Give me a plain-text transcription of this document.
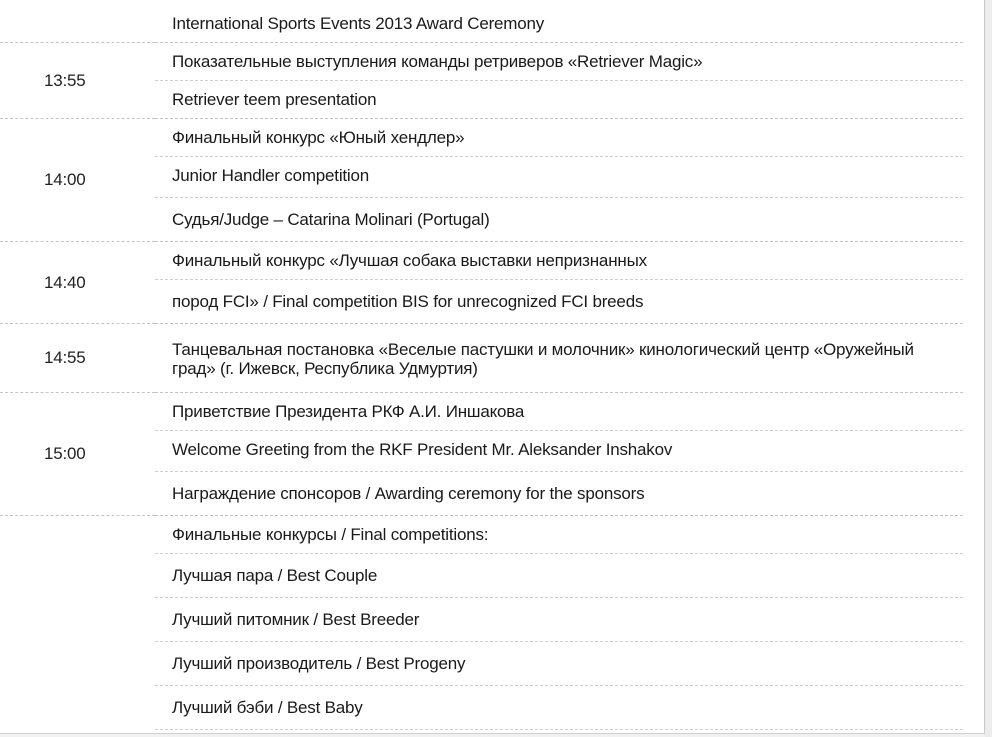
International Sports Events 2013 Award Ceremony

13:55	Показательные выступления команды ретриверов «Retriever Magic»
Retriever teem presentation

14:00	Финальный конкурс «Юный хендлер»
Junior Handler competition
Судья/Judge – Catarina Molinari (Portugal)

14:40	Финальный конкурс «Лучшая собака выставки непризнанных
пород FCI» / Final competition BIS for unrecognized FCI breeds

14:55	Танцевальная постановка «Веселые пастушки и молочник» кинологический центр «Оружейный град» (г. Ижевск, Республика Удмуртия)

15:00	Приветствие Президента РКФ А.И. Иншакова
Welcome Greeting from the RKF President Mr. Aleksander Inshakov
Награждение спонсоров / Awarding ceremony for the sponsors

	Финальные конкурсы / Final competitions:
Лучшая пара / Best Couple
Лучший питомник / Best Breeder
Лучший производитель / Best Progeny
Лучший бэби / Best Baby
